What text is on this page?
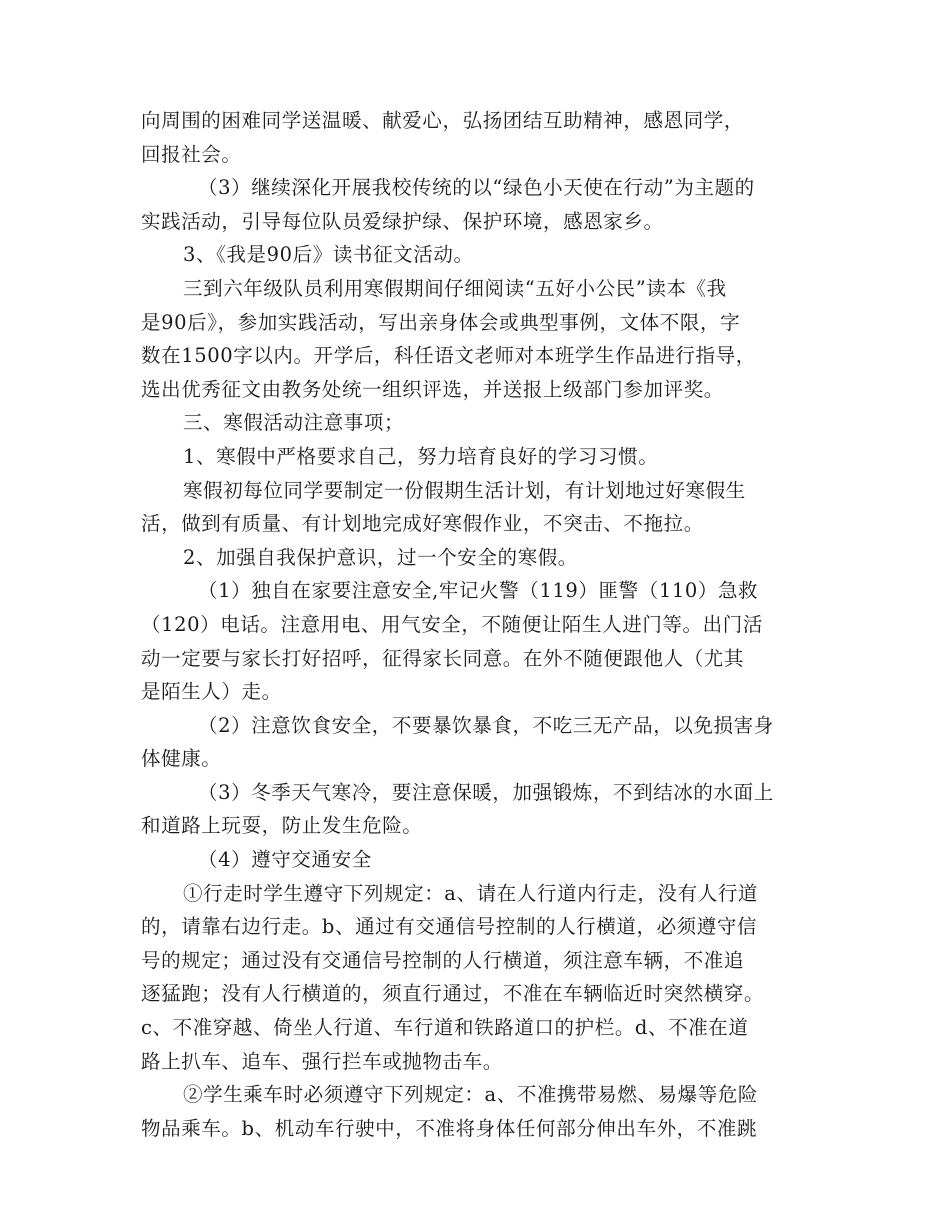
向周围的困难同学送温暖、献爱心，弘扬团结互助精神，感恩同学，
回报社会。
（3）继续深化开展我校传统的以“绿色小天使在行动”为主题的
实践活动，引导每位队员爱绿护绿、保护环境，感恩家乡。
3、《我是90后》读书征文活动。
三到六年级队员利用寒假期间仔细阅读“五好小公民”读本《我
是90后》，参加实践活动，写出亲身体会或典型事例，文体不限，字
数在1500字以内。开学后，科任语文老师对本班学生作品进行指导，
选出优秀征文由教务处统一组织评选，并送报上级部门参加评奖。
三、寒假活动注意事项；
1、寒假中严格要求自己，努力培育良好的学习习惯。
寒假初每位同学要制定一份假期生活计划，有计划地过好寒假生
活，做到有质量、有计划地完成好寒假作业，不突击、不拖拉。
2、加强自我保护意识，过一个安全的寒假。
（1）独自在家要注意安全,牢记火警（119）匪警（110）急救
（120）电话。注意用电、用气安全，不随便让陌生人进门等。出门活
动一定要与家长打好招呼，征得家长同意。在外不随便跟他人（尤其
是陌生人）走。
（2）注意饮食安全，不要暴饮暴食，不吃三无产品，以免损害身
体健康。
（3）冬季天气寒冷，要注意保暖，加强锻炼，不到结冰的水面上
和道路上玩耍，防止发生危险。
（4）遵守交通安全
①行走时学生遵守下列规定：a、请在人行道内行走，没有人行道
的，请靠右边行走。b、通过有交通信号控制的人行横道，必须遵守信
号的规定；通过没有交通信号控制的人行横道，须注意车辆，不准追
逐猛跑；没有人行横道的，须直行通过，不准在车辆临近时突然横穿。
c、不准穿越、倚坐人行道、车行道和铁路道口的护栏。d、不准在道
路上扒车、追车、强行拦车或抛物击车。
②学生乘车时必须遵守下列规定：a、不准携带易燃、易爆等危险
物品乘车。b、机动车行驶中，不准将身体任何部分伸出车外，不准跳
